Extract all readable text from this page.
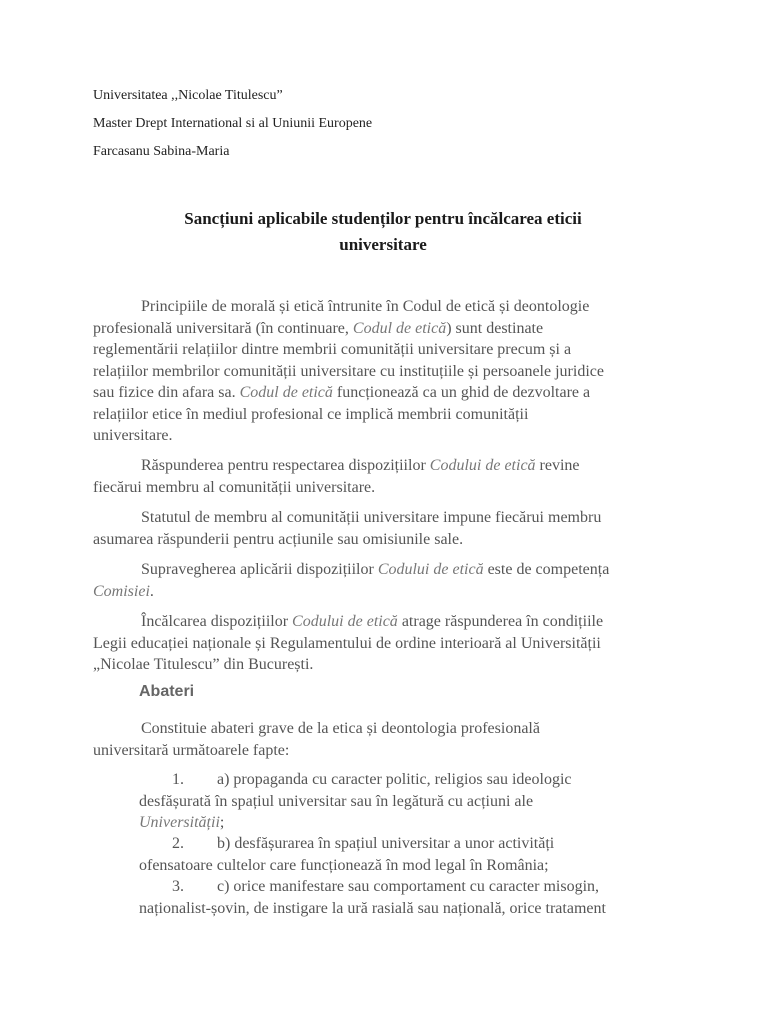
Universitatea ,,Nicolae Titulescu”
Master Drept International si al Uniunii Europene
Farcasanu Sabina-Maria
Sancțiuni aplicabile studenților pentru încălcarea eticii
universitare
Principiile de morală și etică întrunite în Codul de etică și deontologie
profesională universitară (în continuare, Codul de etică) sunt destinate
reglementării relațiilor dintre membrii comunității universitare precum și a
relațiilor membrilor comunității universitare cu instituțiile și persoanele juridice
sau fizice din afara sa. Codul de etică funcționează ca un ghid de dezvoltare a
relațiilor etice în mediul profesional ce implică membrii comunității
universitare.
Răspunderea pentru respectarea dispozițiilor Codului de etică revine
fiecărui membru al comunității universitare.
Statutul de membru al comunității universitare impune fiecărui membru
asumarea răspunderii pentru acțiunile sau omisiunile sale.
Supravegherea aplicării dispozițiilor Codului de etică este de competența
Comisiei.
Încălcarea dispozițiilor Codului de etică atrage răspunderea în condițiile
Legii educației naționale și Regulamentului de ordine interioară al Universității
„Nicolae Titulescu” din București.
Abateri
Constituie abateri grave de la etica și deontologia profesională
universitară următoarele fapte:
1. a) propaganda cu caracter politic, religios sau ideologic
desfășurată în spațiul universitar sau în legătură cu acțiuni ale
Universității;
2. b) desfășurarea în spațiul universitar a unor activități
ofensatoare cultelor care funcționează în mod legal în România;
3. c) orice manifestare sau comportament cu caracter misogin,
naționalist-șovin, de instigare la ură rasială sau națională, orice tratament
